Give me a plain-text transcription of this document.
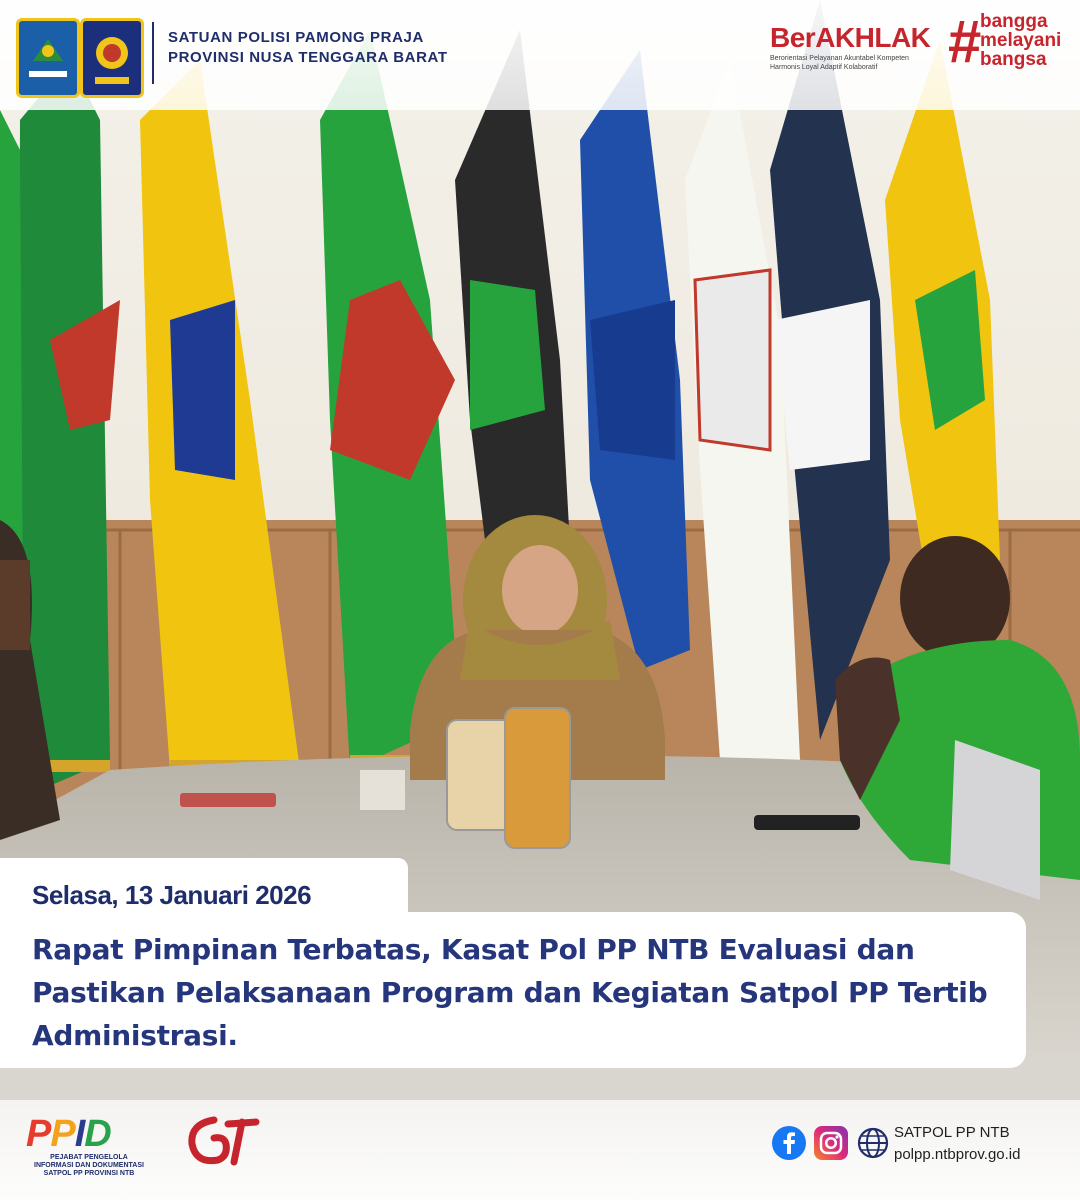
SATUAN POLISI PAMONG PRAJA
PROVINSI NUSA TENGGARA BARAT
BerAKHLAK
Berorientasi Pelayanan Akuntabel Kompeten
Harmonis Loyal Adaptif Kolaboratif	#
bangga
melayani
bangsa
Selasa, 13 Januari 2026
Rapat Pimpinan Terbatas, Kasat Pol PP NTB Evaluasi dan Pastikan Pelaksanaan Program dan Kegiatan Satpol PP Tertib Administrasi.
PPID
PEJABAT PENGELOLA
INFORMASI DAN DOKUMENTASI
SATPOL PP PROVINSI NTB
SATPOL PP NTB
polpp.ntbprov.go.id
